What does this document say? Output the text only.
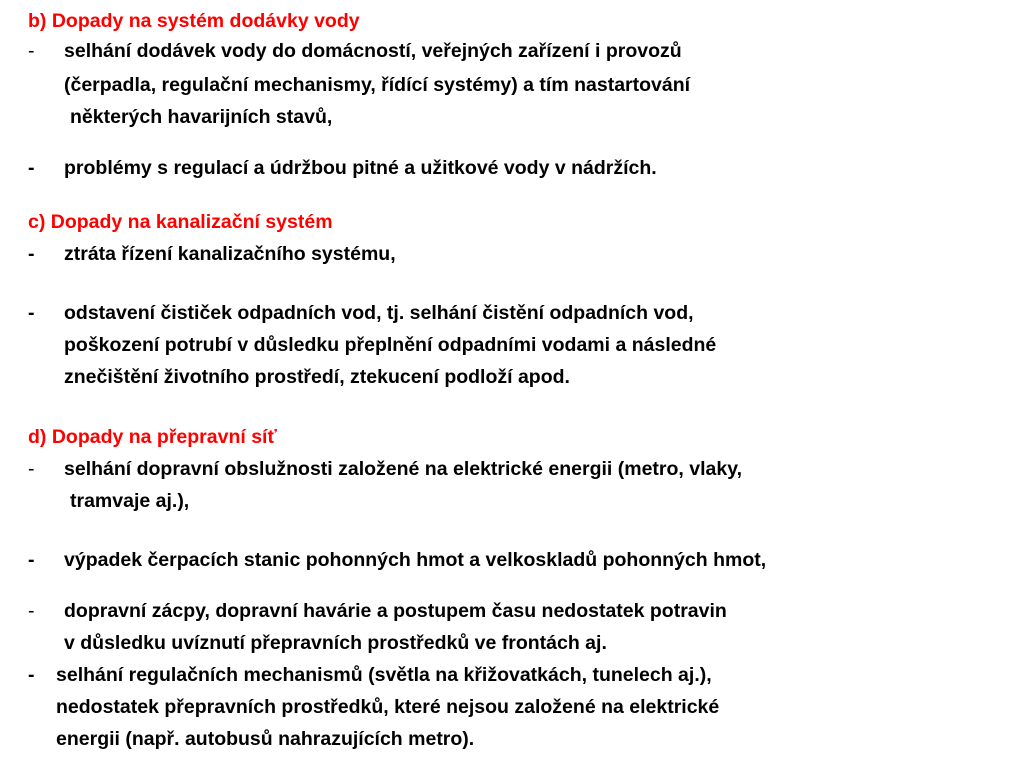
b) Dopady na systém dodávky vody
- selhání dodávek vody do domácností, veřejných zařízení i provozů
(čerpadla, regulační mechanismy, řídící systémy) a tím nastartování
některých havarijních stavů,
- problémy s regulací a údržbou pitné a užitkové vody v nádržích.
c) Dopady na kanalizační systém
- ztráta řízení kanalizačního systému,
- odstavení čističek odpadních vod, tj. selhání čistění odpadních vod,
poškození potrubí v důsledku přeplnění odpadními vodami a následné
znečištění životního prostředí, ztekucení podloží apod.
d) Dopady na přepravní síť
- selhání dopravní obslužnosti založené na elektrické energii (metro, vlaky,
tramvaje aj.),
- výpadek čerpacích stanic pohonných hmot a velkoskladů pohonných hmot,
- dopravní zácpy, dopravní havárie a postupem času nedostatek potravin
v důsledku uvíznutí přepravních prostředků ve frontách aj.
- selhání regulačních mechanismů (světla na křižovatkách, tunelech aj.),
nedostatek přepravních prostředků, které nejsou založené na elektrické
energii (např. autobusů nahrazujících metro).
